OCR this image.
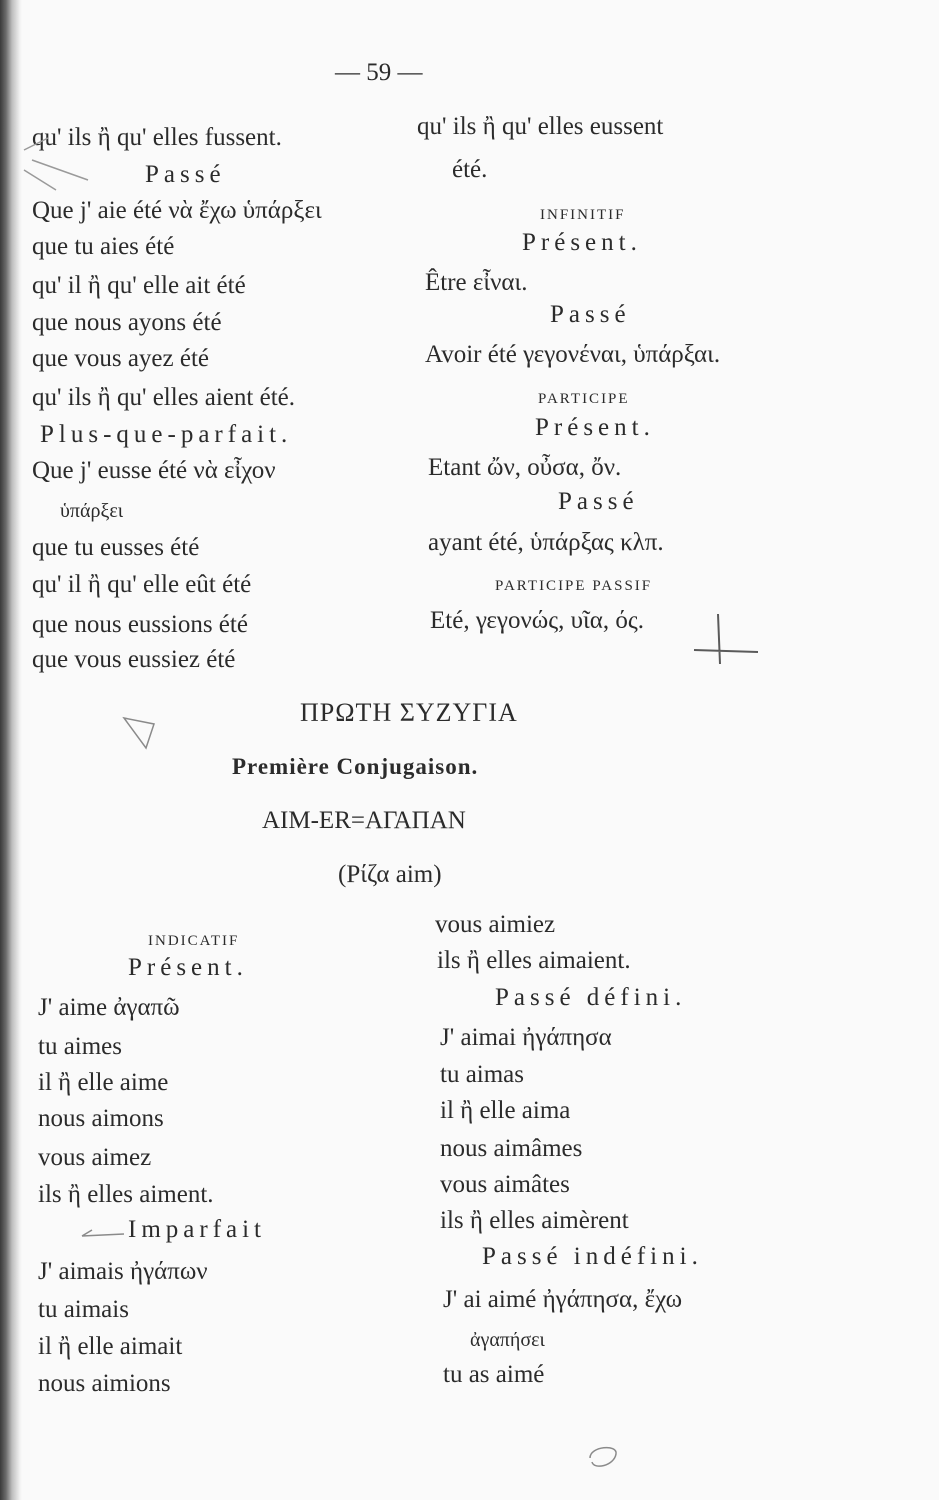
— 59 —
qu' ils ἢ qu' elles fussent.
Passé
Que j' aie été νὰ ἔχω ὑπάρξει
que tu aies été
qu' il ἢ qu' elle ait été
que nous ayons été
que vous ayez été
qu' ils ἢ qu' elles aient été.
Plus-que-parfait.
Que j' eusse été νὰ εἶχον
ὑπάρξει
que tu eusses été
qu' il ἢ qu' elle eût été
que nous eussions été
que vous eussiez été
qu' ils ἢ qu' elles eussent
été.
INFINITIF
Présent.
Être εἶναι.
Passé
Avoir été γεγονέναι, ὑπάρξαι.
PARTICIPE
Présent.
Etant ὤν, οὖσα, ὄν.
Passé
ayant été, ὑπάρξας κλπ.
PARTICIPE PASSIF
Eté, γεγονώς, υῖα, ός.
ΠΡΩΤΗ ΣΥΖΥΓΙΑ
Première Conjugaison.
AIM-ER=ΑΓΑΠΑΝ
(Ρίζα aim)
INDICATIF
Présent.
J' aime ἀγαπῶ
tu aimes
il ἢ elle aime
nous aimons
vous aimez
ils ἢ elles aiment.
Imparfait
J' aimais ἠγάπων
tu aimais
il ἢ elle aimait
nous aimions
vous aimiez
ils ἢ elles aimaient.
Passé défini.
J' aimai ἠγάπησα
tu aimas
il ἢ elle aima
nous aimâmes
vous aimâtes
ils ἢ elles aimèrent
Passé indéfini.
J' ai aimé ἠγάπησα, ἔχω
ἀγαπήσει
tu as aimé
